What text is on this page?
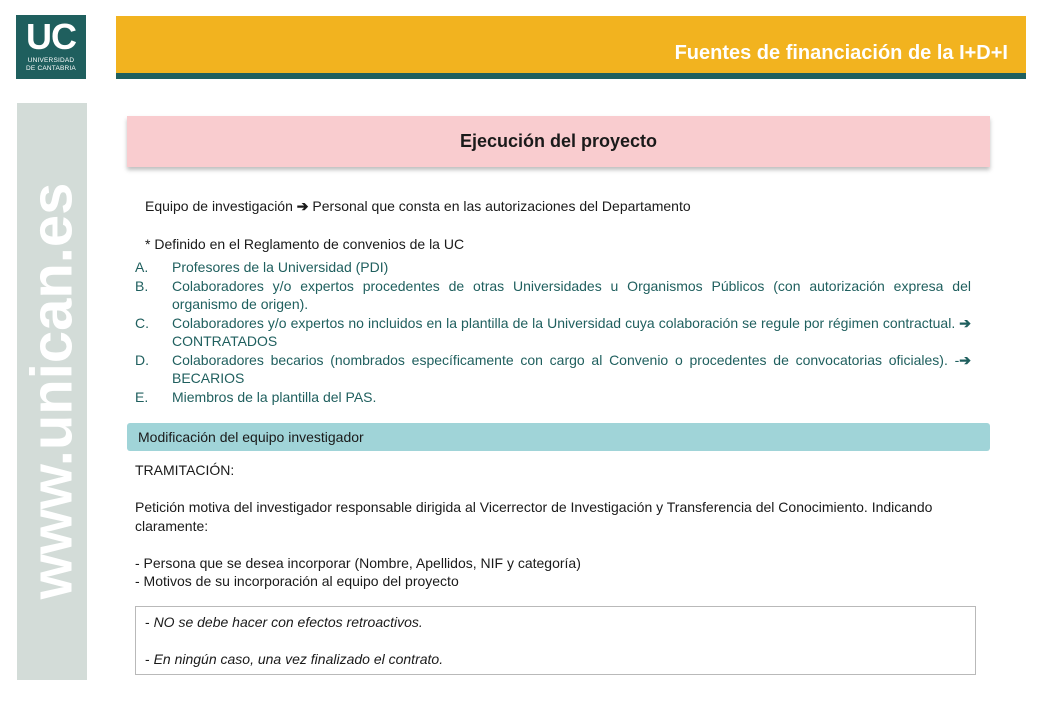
UC
UNIVERSIDAD
DE CANTABRIA
Fuentes de financiación de la I+D+I
www.unican.es
Ejecución del proyecto
Equipo de investigación ➔ Personal que consta en las autorizaciones del Departamento
* Definido en el Reglamento de convenios de la UC
A.	Profesores de la Universidad (PDI)
B.	Colaboradores y/o expertos procedentes de otras Universidades u Organismos Públicos (con autorización expresa del organismo de origen).
C.	Colaboradores y/o expertos no incluidos en la plantilla de la Universidad cuya colaboración se regule por régimen contractual. ➔ CONTRATADOS
D.	Colaboradores becarios (nombrados específicamente con cargo al Convenio o procedentes de convocatorias oficiales). -➔ BECARIOS
E.	Miembros de la plantilla del PAS.
Modificación del equipo investigador
TRAMITACIÓN:
Petición motiva del investigador responsable dirigida al Vicerrector de Investigación y Transferencia del Conocimiento. Indicando claramente:
- Persona que se desea incorporar (Nombre, Apellidos, NIF y categoría)
- Motivos de su incorporación al equipo del proyecto
- NO se debe hacer con efectos retroactivos.
- En ningún caso, una vez finalizado el contrato.
